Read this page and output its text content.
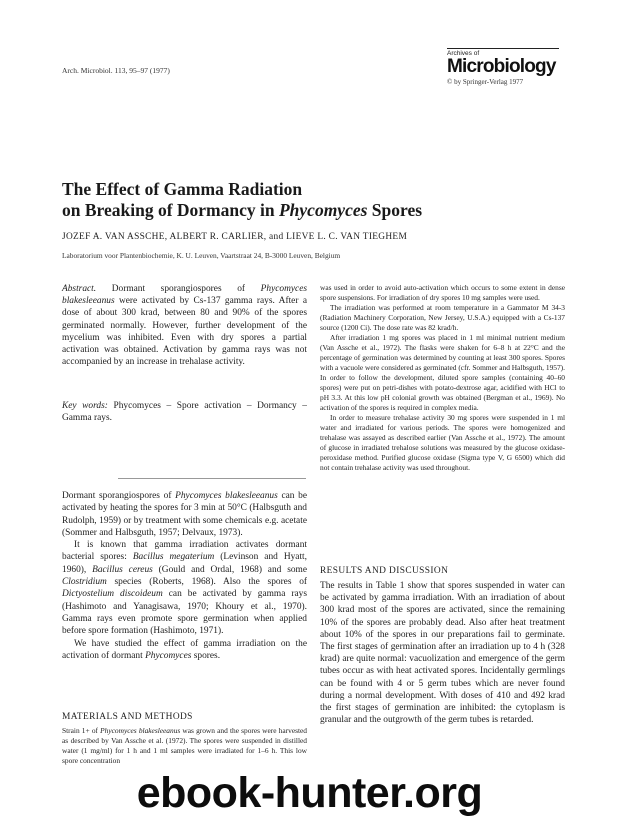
Arch. Microbiol. 113, 95–97 (1977)
Archives of
Microbiology
© by Springer-Verlag 1977
The Effect of Gamma Radiation
on Breaking of Dormancy in Phycomyces Spores
JOZEF A. VAN ASSCHE, ALBERT R. CARLIER, and LIEVE L. C. VAN TIEGHEM
Laboratorium voor Plantenbiochemie, K. U. Leuven, Vaartstraat 24, B-3000 Leuven, Belgium

Abstract. Dormant sporangiospores of Phycomyces blakesleeanus were activated by Cs-137 gamma rays. After a dose of about 300 krad, between 80 and 90% of the spores germinated normally. However, further development of the mycelium was inhibited. Even with dry spores a partial activation was obtained. Activation by gamma rays was not accompanied by an increase in trehalase activity.

Key words: Phycomyces – Spore activation – Dormancy – Gamma rays.

Dormant sporangiospores of Phycomyces blakesleeanus can be activated by heating the spores for 3 min at 50°C (Halbsguth and Rudolph, 1959) or by treatment with some chemicals e.g. acetate (Sommer and Halbsguth, 1957; Delvaux, 1973).

It is known that gamma irradiation activates dormant bacterial spores: Bacillus megaterium (Levinson and Hyatt, 1960), Bacillus cereus (Gould and Ordal, 1968) and some Clostridium species (Roberts, 1968). Also the spores of Dictyostelium discoideum can be activated by gamma rays (Hashimoto and Yanagisawa, 1970; Khoury et al., 1970). Gamma rays even promote spore germination when applied before spore formation (Hashimoto, 1971).

We have studied the effect of gamma irradiation on the activation of dormant Phycomyces spores.

MATERIALS AND METHODS

Strain 1+ of Phycomyces blakesleeanus was grown and the spores were harvested as described by Van Assche et al. (1972). The spores were suspended in distilled water (1 mg/ml) for 1 h and 1 ml samples were irradiated for 1–6 h. This low spore concentration

was used in order to avoid auto-activation which occurs to some extent in dense spore suspensions. For irradiation of dry spores 10 mg samples were used.

The irradiation was performed at room temperature in a Gammator M 34-3 (Radiation Machinery Corporation, New Jersey, U.S.A.) equipped with a Cs-137 source (1200 Ci). The dose rate was 82 krad/h.

After irradiation 1 mg spores was placed in 1 ml minimal nutrient medium (Van Assche et al., 1972). The flasks were shaken for 6–8 h at 22°C and the percentage of germination was determined by counting at least 300 spores. Spores with a vacuole were considered as germinated (cfr. Sommer and Halbsguth, 1957). In order to follow the development, diluted spore samples (containing 40–60 spores) were put on petri-dishes with potato-dextrose agar, acidified with HCl to pH 3.3. At this low pH colonial growth was obtained (Bergman et al., 1969). No activation of the spores is required in complex media.

In order to measure trehalase activity 30 mg spores were suspended in 1 ml water and irradiated for various periods. The spores were homogenized and trehalase was assayed as described earlier (Van Assche et al., 1972). The amount of glucose in irradiated trehalose solutions was measured by the glucose oxidase-peroxidase method. Purified glucose oxidase (Sigma type V, G 6500) which did not contain trehalase activity was used throughout.

RESULTS AND DISCUSSION

The results in Table 1 show that spores suspended in water can be activated by gamma irradiation. With an irradiation of about 300 krad most of the spores are activated, since the remaining 10% of the spores are probably dead. Also after heat treatment about 10% of the spores in our preparations fail to germinate. The first stages of germination after an irradiation up to 4 h (328 krad) are quite normal: vacuolization and emergence of the germ tubes occur as with heat activated spores. Incidentally germlings can be found with 4 or 5 germ tubes which are never found during a normal development. With doses of 410 and 492 krad the first stages of germination are inhibited: the cytoplasm is granular and the outgrowth of the germ tubes is retarded.

ebook-hunter.org
